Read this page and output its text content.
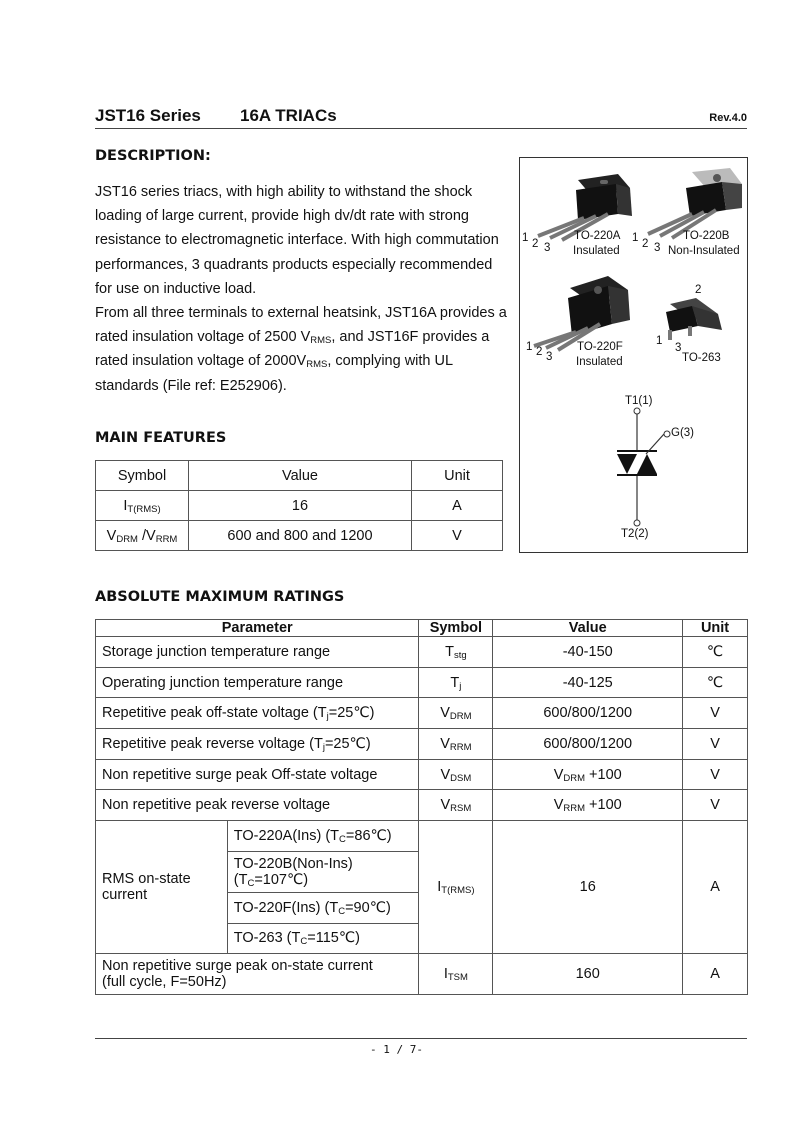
JST16 Series 16A TRIACs	Rev.4.0
DESCRIPTION:

JST16 series triacs, with high ability to withstand the shock loading of large current, provide high dv/dt rate with strong resistance to electromagnetic interface. With high commutation performances, 3 quadrants products especially recommended for use on inductive load.

From all three terminals to external heatsink, JST16A provides a rated insulation voltage of 2500 $V_{RMS}$, and JST16F provides a rated insulation voltage of $2000V_{RMS}$, complying with UL standards (File ref: E252906).

1 2 3
TO-220A
Insulated
1 2 3
TO-220B
Non-Insulated
1 2 3
TO-220F
Insulated
2
1
3
TO-263
T1(1)
G(3)
T2(2)
MAIN FEATURES
Symbol	Value	Unit
$I_{T(RMS)}$	16	A
$V_{DRM}$ $/V_{RRM}$	600 and 800 and 1200	V
ABSOLUTE MAXIMUM RATINGS
Parameter		Symbol	Value	Unit
Storage junction temperature range		$T_{stg}$	-40-150	℃
Operating junction temperature range		$T_j$	-40-125	℃
Repetitive peak off-state voltage $(T_j=25℃)$		$V_{DRM}$	600/800/1200	V
Repetitive peak reverse voltage $(T_j=25℃)$		$V_{RRM}$	600/800/1200	V
Non repetitive surge peak Off-state voltage		$V_{DSM}$	$V_{DRM} +100$	V
Non repetitive peak reverse voltage		$V_{RSM}$	$V_{RRM} +100$	V
RMS on-state current	TO-220A(Ins) $(T_C=86℃)$	$I_{T(RMS)}$	16	A
	TO-220B(Non-Ins)
$(T_C=107℃)$			
	TO-220F(Ins) $(T_C=90℃)$			
	TO-263 $(T_C=115℃)$			
Non repetitive surge peak on-state current
(full cycle, F=50Hz)		$I_{TSM}$	160	A
- 1 / 7-
